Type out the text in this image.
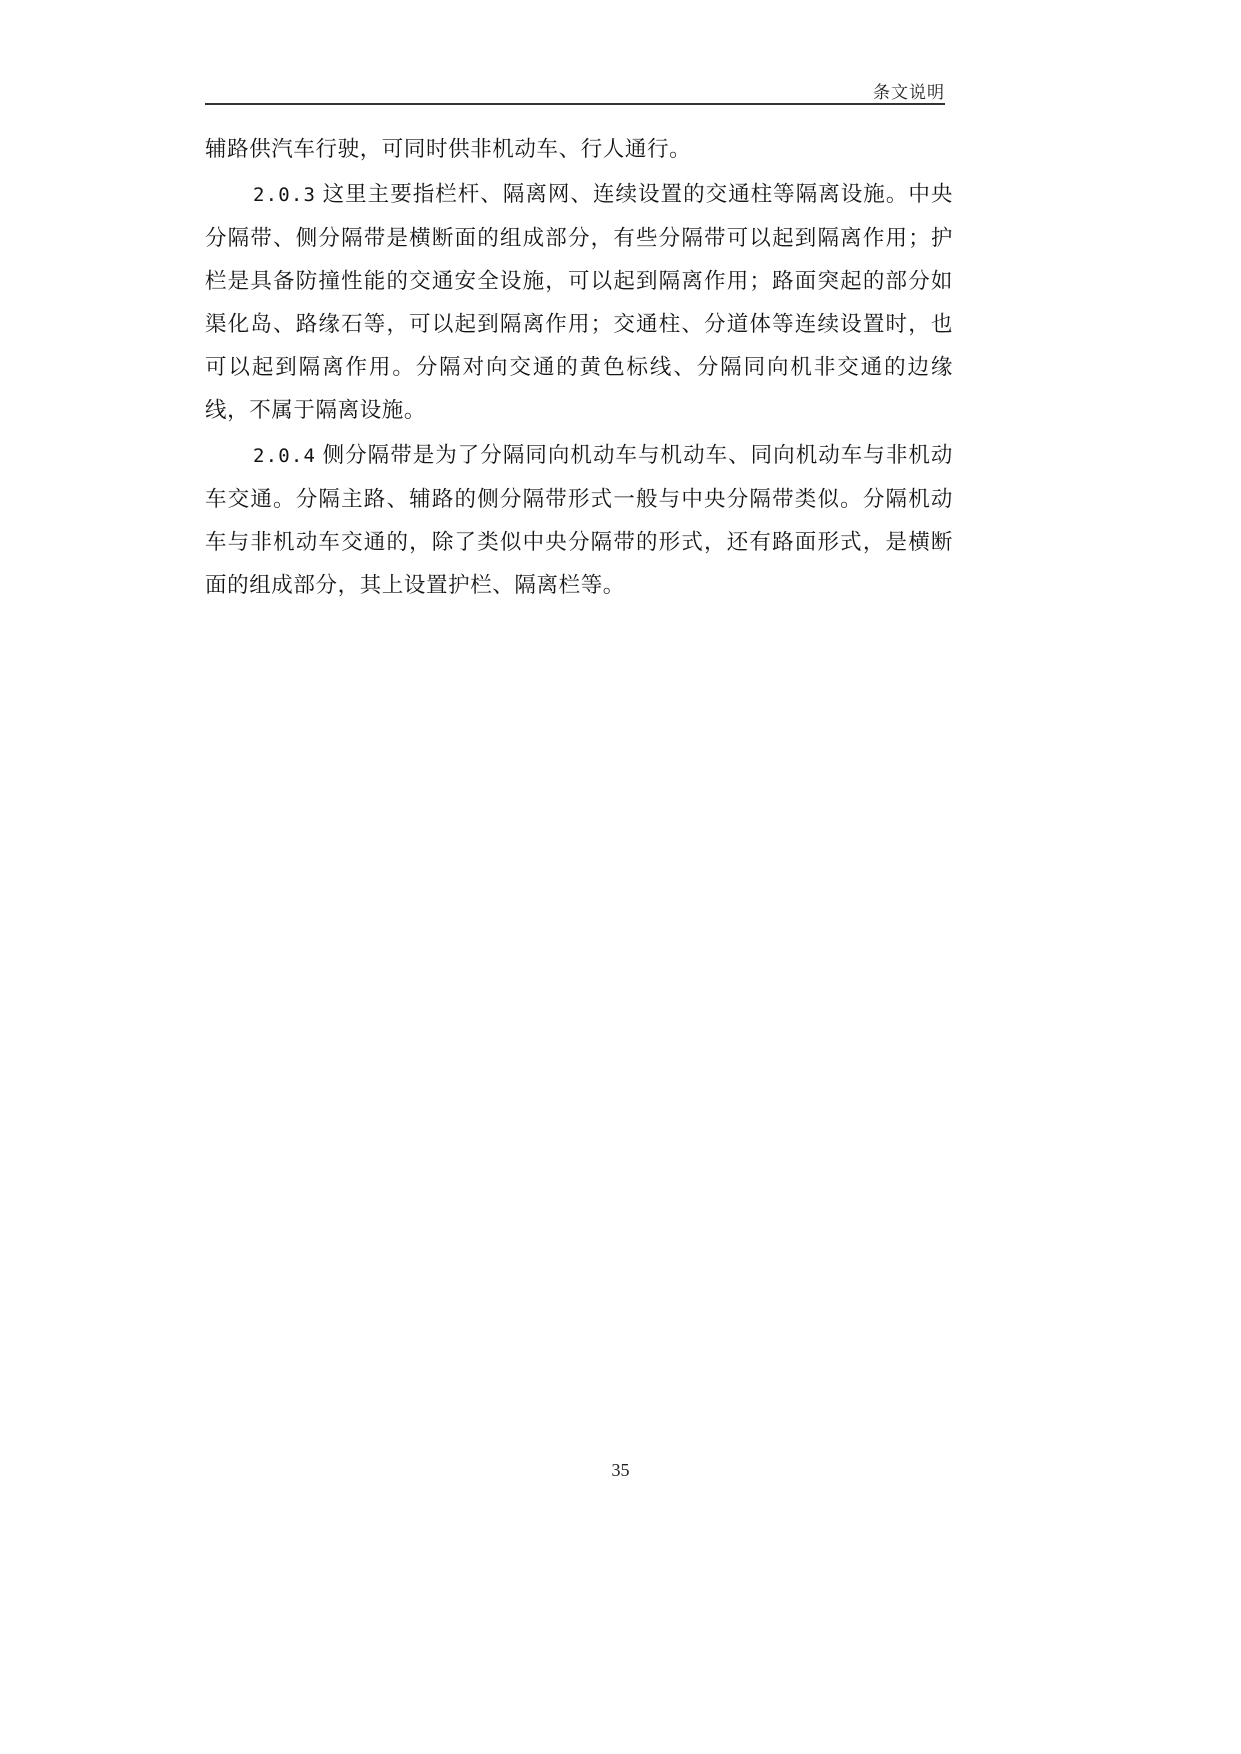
条文说明

辅路供汽车行驶，可同时供非机动车、行人通行。

2.0.3 这里主要指栏杆、隔离网、连续设置的交通柱等隔离设施。中央分隔带、侧分隔带是横断面的组成部分，有些分隔带可以起到隔离作用；护栏是具备防撞性能的交通安全设施，可以起到隔离作用；路面突起的部分如渠化岛、路缘石等，可以起到隔离作用；交通柱、分道体等连续设置时，也可以起到隔离作用。分隔对向交通的黄色标线、分隔同向机非交通的边缘线，不属于隔离设施。

2.0.4 侧分隔带是为了分隔同向机动车与机动车、同向机动车与非机动车交通。分隔主路、辅路的侧分隔带形式一般与中央分隔带类似。分隔机动车与非机动车交通的，除了类似中央分隔带的形式，还有路面形式，是横断面的组成部分，其上设置护栏、隔离栏等。

35
